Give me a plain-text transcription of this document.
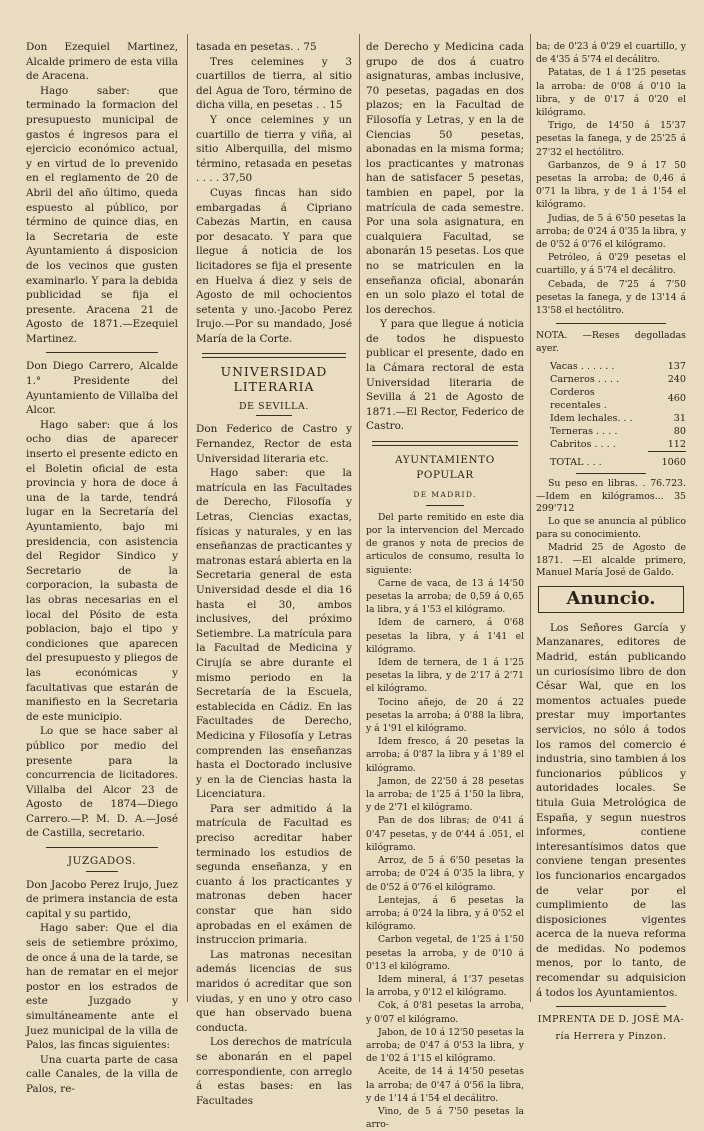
Don Ezequiel Martinez, Alcalde primero de esta villa de Aracena.

Hago saber: que terminado la formacion del presupuesto municipal de gastos é ingresos para el ejercicio económico actual, y en virtud de lo prevenido en el reglamento de 20 de Abril del año último, queda espuesto al público, por término de quince dias, en la Secretaria de este Ayuntamiento á disposicion de los vecinos que gusten examinarlo. Y para la debida publicidad se fija el presente. Aracena 21 de Agosto de 1871.—Ezequiel Martinez.

Don Diego Carrero, Alcalde 1.° Presidente del Ayuntamiento de Villalba del Alcor.

Hago saber: que á los ocho dias de aparecer inserto el presente edicto en el Boletin oficial de esta provincia y hora de doce á una de la tarde, tendrá lugar en la Secretaría del Ayuntamiento, bajo mi presidencia, con asistencia del Regidor Sindico y Secretario de la corporacion, la subasta de las obras necesarias en el local del Pósito de esta poblacion, bajo el tipo y condiciones que aparecen del presupuesto y pliegos de las económicas y facultativas que estarán de manifiesto en la Secretaria de este municipio.

Lo que se hace saber al público por medio del presente para la concurrencia de licitadores. Villalba del Alcor 23 de Agosto de 1874—Diego Carrero.—P. M. D. A.—José de Castilla, secretario.

JUZGADOS.

Don Jacobo Perez Irujo, Juez de primera instancia de esta capital y su partido,

Hago saber: Que el dia seis de setiembre próximo, de once á una de la tarde, se han de rematar en el mejor postor en los estrados de este Juzgado y simultáneamente ante el Juez municipal de la villa de Palos, las fincas siguientes:

Una cuarta parte de casa calle Canales, de la villa de Palos, re-

tasada en pesetas. . 75

Tres celemines y 3 cuartillos de tierra, al sitio del Agua de Toro, término de dicha villa, en pesetas . . 15

Y once celemines y un cuartillo de tierra y viña, al sitio Alberquilla, del mismo término, retasada en pesetas . . . . 37,50

Cuyas fincas han sido embargadas á Cipriano Cabezas Martin, en causa por desacato. Y para que llegue á noticia de los licitadores se fija el presente en Huelva á diez y seis de Agosto de mil ochocientos setenta y uno.-Jacobo Perez Irujo.—Por su mandado, José María de la Corte.

UNIVERSIDAD LITERARIA
DE SEVILLA.

Don Federico de Castro y Fernandez, Rector de esta Universidad literaria etc.

Hago saber: que la matrícula en las Facultades de Derecho, Filosofía y Letras, Ciencias exactas, físicas y naturales, y en las enseñanzas de practicantes y matronas estará abierta en la Secretaria general de esta Universidad desde el dia 16 hasta el 30, ambos inclusives, del próximo Setiembre. La matrícula para la Facultad de Medicina y Cirujía se abre durante el mismo periodo en la Secretaría de la Escuela, establecida en Cádiz. En las Facultades de Derecho, Medicina y Filosofía y Letras comprenden las enseñanzas hasta el Doctorado inclusive y en la de Ciencias hasta la Licenciatura.

Para ser admitido á la matrícula de Facultad es preciso acreditar haber terminado los estudios de segunda enseñanza, y en cuanto á los practicantes y matronas deben hacer constar que han sido aprobadas en el exámen de instruccion primaria.

Las matronas necesitan además licencias de sus maridos ó acreditar que son viudas, y en uno y otro caso que han observado buena conducta.

Los derechos de matrícula se abonarán en el papel correspondiente, con arreglo á estas bases: en las Facultades

de Derecho y Medicina cada grupo de dos á cuatro asignaturas, ambas inclusive, 70 pesetas, pagadas en dos plazos; en la Facultad de Filosofía y Letras, y en la de Ciencias 50 pesetas, abonadas en la misma forma; los practicantes y matronas han de satisfacer 5 pesetas, tambien en papel, por la matrícula de cada semestre. Por una sola asignatura, en cualquiera Facultad, se abonarán 15 pesetas. Los que no se matriculen en la enseñanza oficial, abonarán en un solo plazo el total de los derechos.

Y para que llegue á noticia de todos he dispuesto publicar el presente, dado en la Cámara rectoral de esta Universidad literaria de Sevilla á 21 de Agosto de 1871.—El Rector, Federico de Castro.

AYUNTAMIENTO POPULAR
DE MADRID.

Del parte remitido en este dia por la intervencion del Mercado de granos y nota de precios de articulos de consumo, resulta lo siguiente:

Carne de vaca, de 13 á 14'50 pesetas la arroba; de 0,59 á 0,65 la libra, y á 1'53 el kilógramo.

Idem de carnero, á 0'68 pesetas la libra, y á 1'41 el kilógramo.

Idem de ternera, de 1 á 1'25 pesetas la libra, y de 2'17 á 2'71 el kilógramo.

Tocino añejo, de 20 á 22 pesetas la arroba; á 0'88 la libra, y á 1'91 el kilógramo.

Idem fresco, á 20 pesetas la arroba; á 0'87 la libra y á 1'89 el kilógramo.

Jamon, de 22'50 á 28 pesetas la arroba; de 1'25 á 1'50 la libra, y de 2'71 el kilógramo.

Pan de dos libras; de 0'41 á 0'47 pesetas, y de 0'44 á .051, el kilógramo.

Arroz, de 5 á 6'50 pesetas la arroba; de 0'24 á 0'35 la libra, y de 0'52 á 0'76 el kilógramo.

Lentejas, á 6 pesetas la arroba; á 0'24 la libra, y á 0'52 el kilógramo.

Carbon vegetal, de 1'25 á 1'50 pesetas la arroba, y de 0'10 á 0'13 el kilógramo.

Idem mineral, á 1'37 pesetas la arroba, y 0'12 el kilógramo.

Cok, á 0'81 pesetas la arroba, y 0'07 el kilógramo.

Jabon, de 10 á 12'50 pesetas la arroba; de 0'47 á 0'53 la libra, y de 1'02 á 1'15 el kilógramo.

Aceite, de 14 á 14'50 pesetas la arroba; de 0'47 á 0'56 la libra, y de 1'14 á 1'54 el decálitro.

Vino, de 5 á 7'50 pesetas la arro-

ba; de 0'23 á 0'29 el cuartillo, y de 4'35 á 5'74 el decálitro.

Patatas, de 1 á 1'25 pesetas la arroba: de 0'08 á 0'10 la libra, y de 0'17 á 0'20 el kilógramo.

Trigo, de 14'50 á 15'37 pesetas la fanega, y de 25'25 á 27'32 el hectólitro.

Garbanzos, de 9 á 17 50 pesetas la arroba; de 0,46 á 0'71 la libra, y de 1 á 1'54 el kilógramo.

Judias, de 5 á 6'50 pesetas la arroba; de 0'24 á 0'35 la libra, y de 0'52 á 0'76 el kilógramo.

Petróleo, á 0'29 pesetas el cuartillo, y á 5'74 el decálitro.

Cebada, de 7'25 á 7'50 pesetas la fanega, y de 13'14 á 13'58 el hectólitro.

NOTA. —Reses degolladas ayer.

Vacas . . . . . .	137
Carneros . . . .	240
Corderos recentales .	460
Idem lechales. . .	31
Terneras . . . .	80
Cabritos . . . .	112
TOTAL . . .	1060

Su peso en libras. . 76.723.—Idem en kilógramos... 35 299'712

Lo que se anuncia al público para su conocimiento.

Madrid 25 de Agosto de 1871. —El alcalde primero, Manuel María José de Galdo.

Anuncio.

Los Señores García y Manzanares, editores de Madrid, están publicando un curiosísimo libro de don César Wal, que en los momentos actuales puede prestar muy importantes servicios, no sólo á todos los ramos del comercio é industria, sino tambien á los funcionarios públicos y autoridades locales. Se titula Guia Metrológica de España, y segun nuestros informes, contiene interesantísimos datos que conviene tengan presentes los funcionarios encargados de velar por el cumplimiento de las disposiciones vigentes acerca de la nueva reforma de medidas. No podemos menos, por lo tanto, de recomendar su adquisicion á todos los Ayuntamientos.

IMPRENTA DE D. JOSÉ MA-
ría Herrera y Pinzon.
